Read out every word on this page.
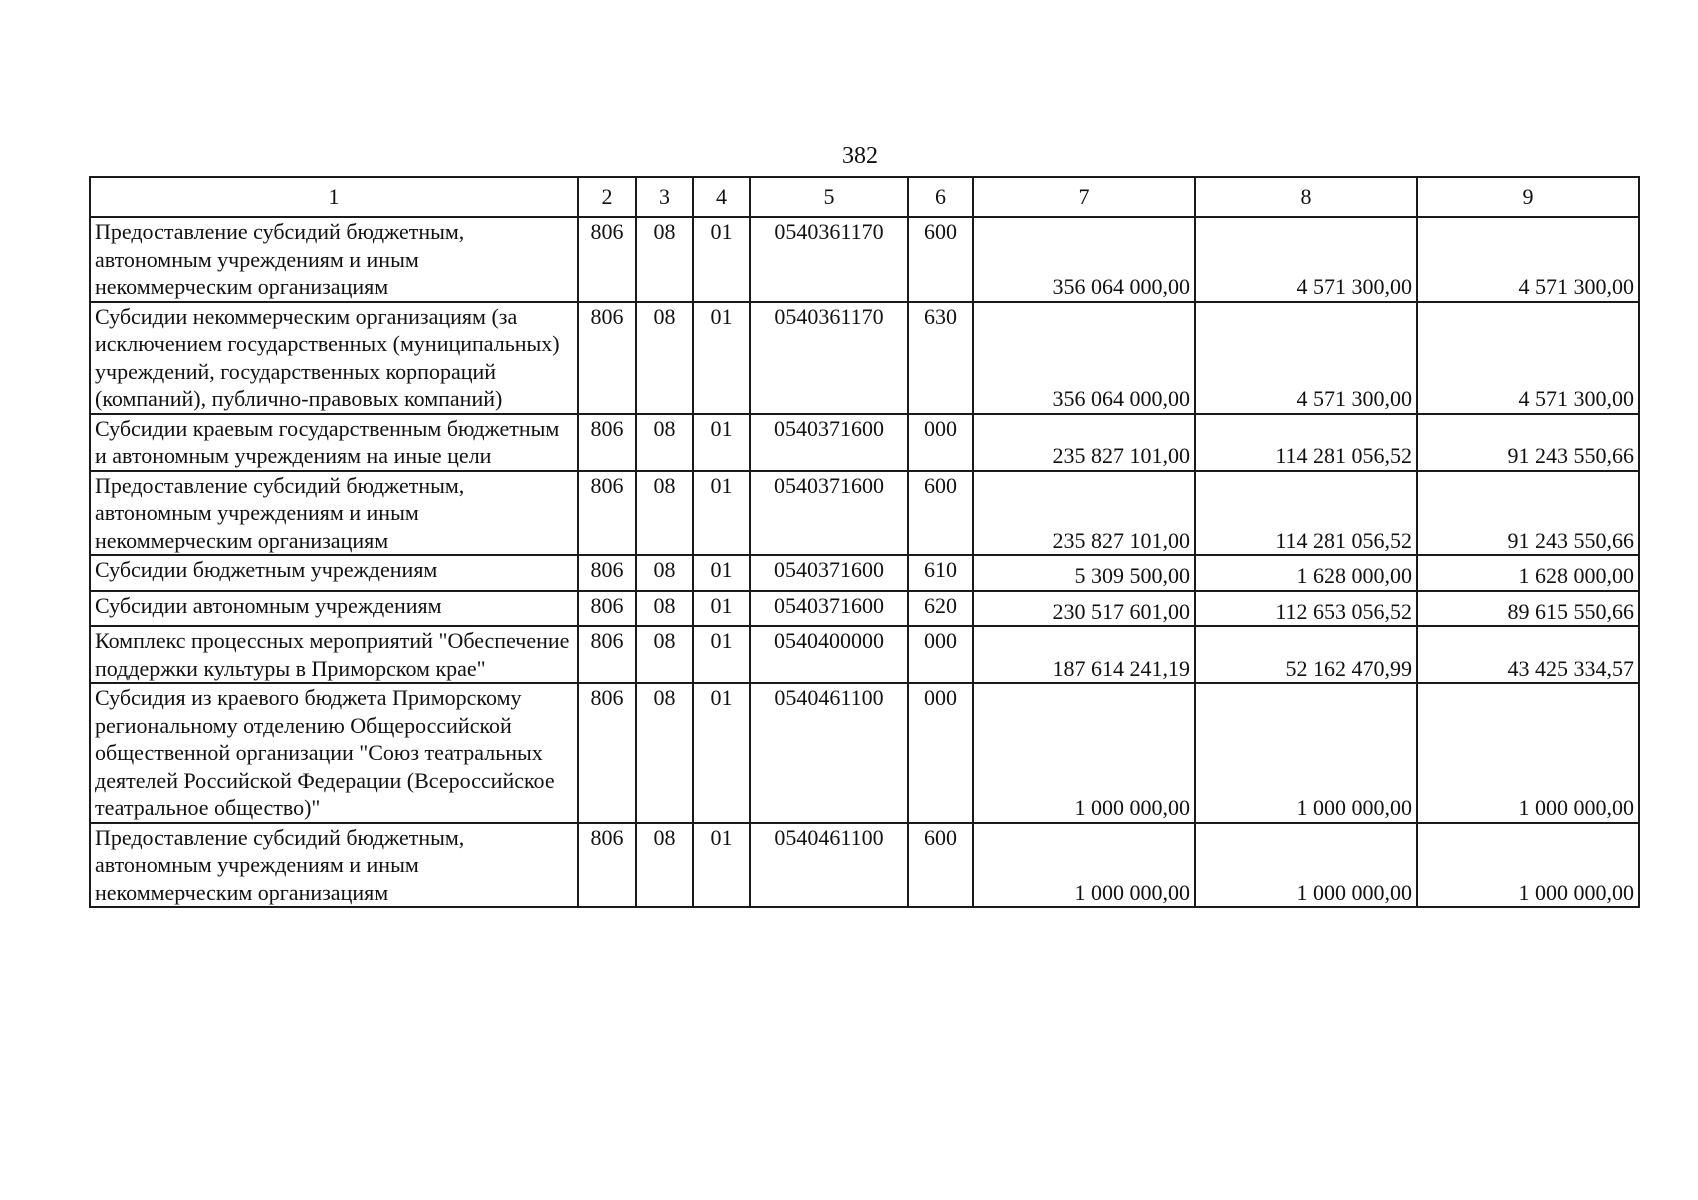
382
1	2	3	4	5	6	7	8	9
Предоставление субсидий бюджетным, автономным учреждениям и иным некоммерческим организациям	806	08	01	0540361170	600	356 064 000,00	4 571 300,00	4 571 300,00
Субсидии некоммерческим организациям (за исключением государственных (муниципальных) учреждений, государственных корпораций (компаний), публично-правовых компаний)	806	08	01	0540361170	630	356 064 000,00	4 571 300,00	4 571 300,00
Субсидии краевым государственным бюджетным и автономным учреждениям на иные цели	806	08	01	0540371600	000	235 827 101,00	114 281 056,52	91 243 550,66
Предоставление субсидий бюджетным, автономным учреждениям и иным некоммерческим организациям	806	08	01	0540371600	600	235 827 101,00	114 281 056,52	91 243 550,66
Субсидии бюджетным учреждениям	806	08	01	0540371600	610	5 309 500,00	1 628 000,00	1 628 000,00
Субсидии автономным учреждениям	806	08	01	0540371600	620	230 517 601,00	112 653 056,52	89 615 550,66
Комплекс процессных мероприятий "Обеспечение поддержки культуры в Приморском крае"	806	08	01	0540400000	000	187 614 241,19	52 162 470,99	43 425 334,57
Субсидия из краевого бюджета Приморскому региональному отделению Общероссийской общественной организации "Союз театральных деятелей Российской Федерации (Всероссийское театральное общество)"	806	08	01	0540461100	000	1 000 000,00	1 000 000,00	1 000 000,00
Предоставление субсидий бюджетным, автономным учреждениям и иным некоммерческим организациям	806	08	01	0540461100	600	1 000 000,00	1 000 000,00	1 000 000,00
